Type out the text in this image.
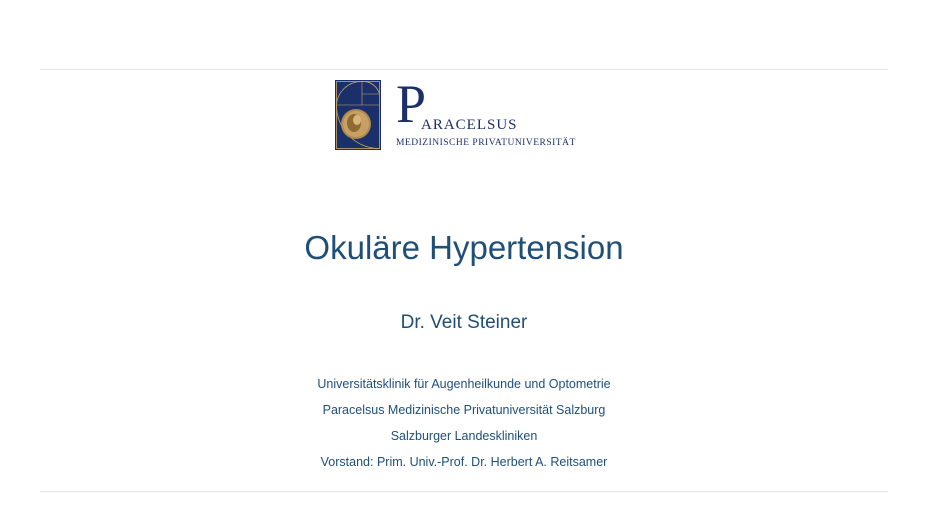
P
ARACELSUS
MEDIZINISCHE PRIVATUNIVERSITÄT
Okuläre Hypertension
Dr. Veit Steiner
Universitätsklinik für Augenheilkunde und Optometrie
Paracelsus Medizinische Privatuniversität Salzburg
Salzburger Landeskliniken
Vorstand: Prim. Univ.-Prof. Dr. Herbert A. Reitsamer
